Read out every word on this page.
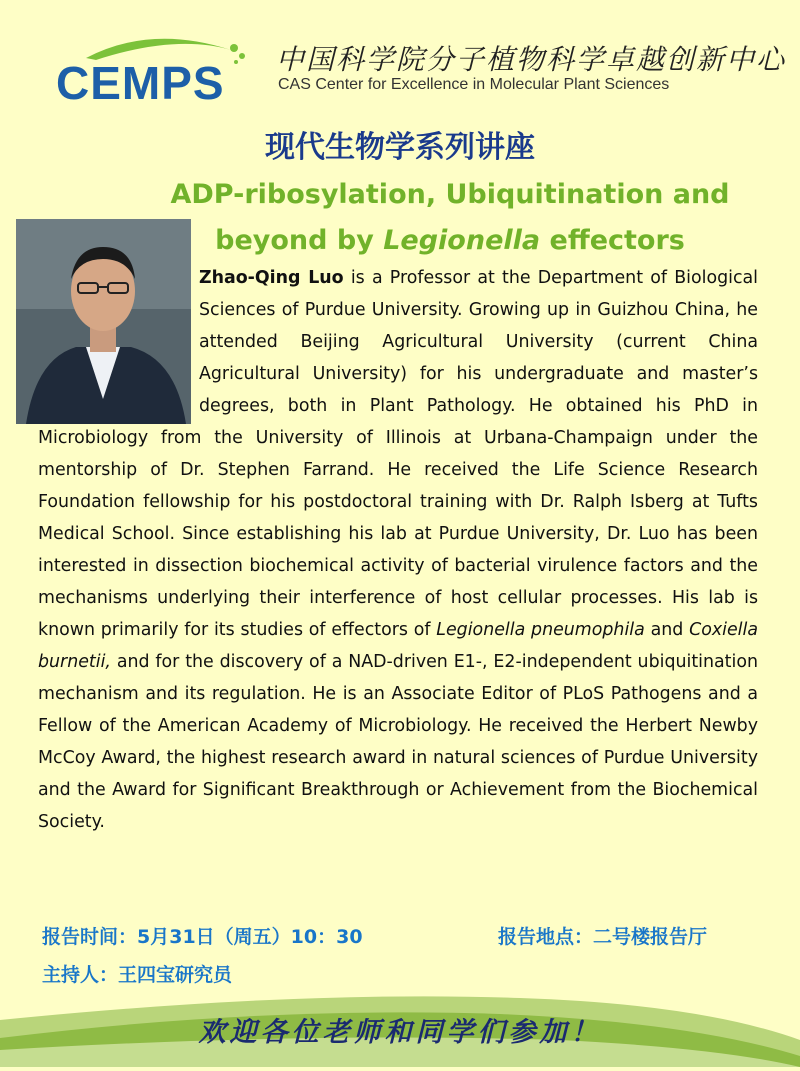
CEMPS 中国科学院分子植物科学卓越创新中心
CAS Center for Excellence in Molecular Plant Sciences
现代生物学系列讲座
ADP-ribosylation, Ubiquitination and
beyond by Legionella effectors
Zhao-Qing Luo is a Professor at the Department of Biological Sciences of Purdue University. Growing up in Guizhou China, he attended Beijing Agricultural University (current China Agricultural University) for his undergraduate and master’s degrees, both in Plant Pathology. He obtained his PhD in Microbiology from the University of Illinois at Urbana-Champaign under the mentorship of Dr. Stephen Farrand. He received the Life Science Research Foundation fellowship for his postdoctoral training with Dr. Ralph Isberg at Tufts Medical School. Since establishing his lab at Purdue University, Dr. Luo has been interested in dissection biochemical activity of bacterial virulence factors and the mechanisms underlying their interference of host cellular processes. His lab is known primarily for its studies of effectors of Legionella pneumophila and Coxiella burnetii, and for the discovery of a NAD-driven E1-, E2-independent ubiquitination mechanism and its regulation. He is an Associate Editor of PLoS Pathogens and a Fellow of the American Academy of Microbiology. He received the Herbert Newby McCoy Award, the highest research award in natural sciences of Purdue University and the Award for Significant Breakthrough or Achievement from the Biochemical Society.
报告时间：5月31日（周五）10：30	报告地点：二号楼报告厅
主持人：王四宝研究员
欢迎各位老师和同学们参加！
